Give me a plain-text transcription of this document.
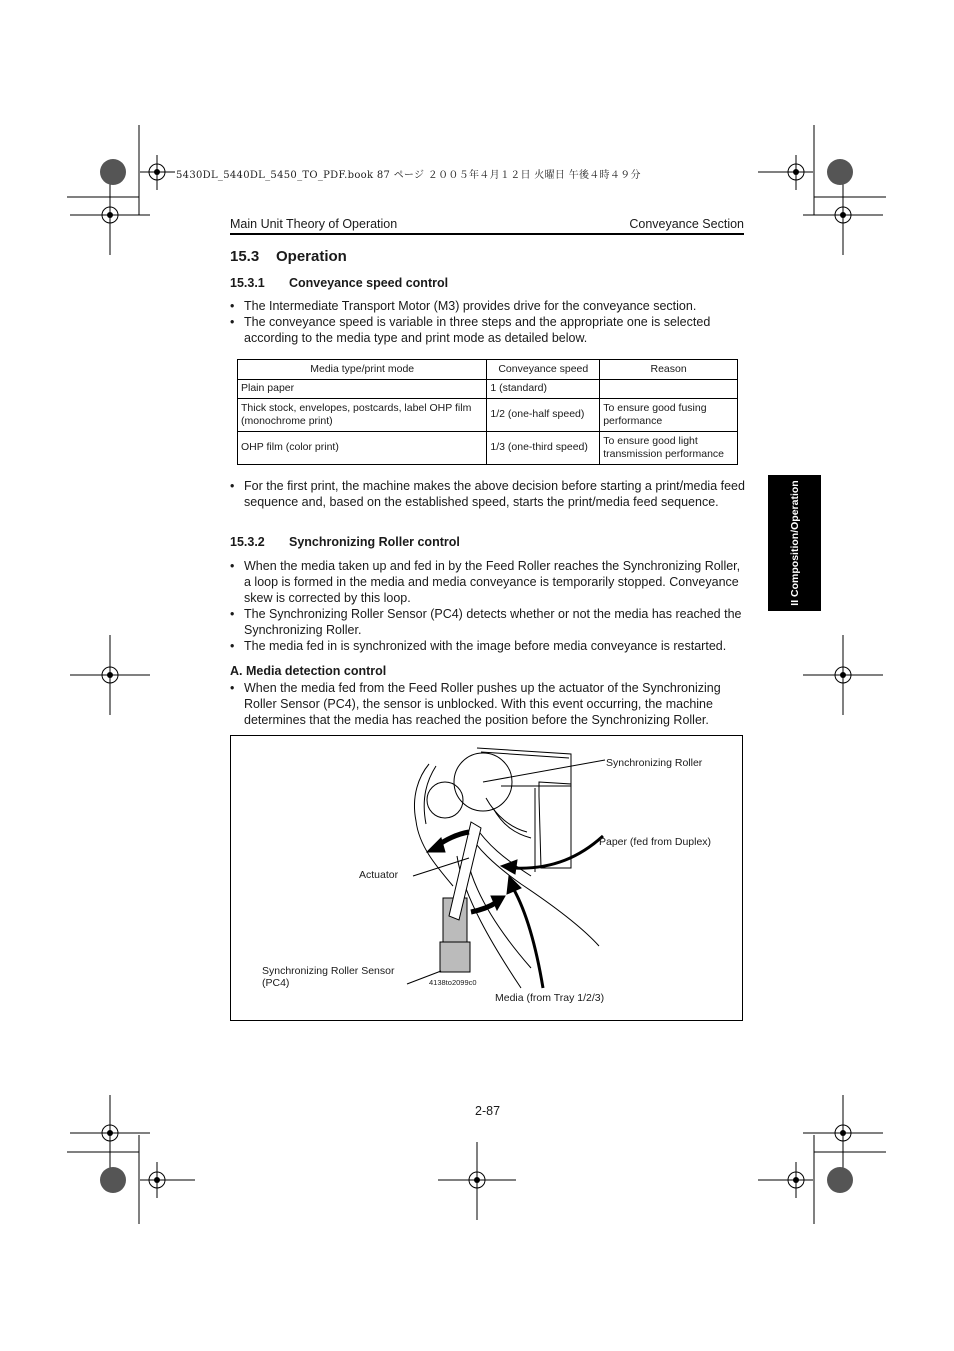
5430DL_5440DL_5450_TO_PDF.book 87 ページ ２００５年４月１２日 火曜日 午後４時４９分
Main Unit Theory of Operation	Conveyance Section
15.3 Operation
15.3.1 Conveyance speed control
• The Intermediate Transport Motor (M3) provides drive for the conveyance section.
• The conveyance speed is variable in three steps and the appropriate one is selected according to the media type and print mode as detailed below.
Media type/print mode	Conveyance speed	Reason
Plain paper	1 (standard)	
Thick stock, envelopes, postcards, label OHP film (monochrome print)	1/2 (one-half speed)	To ensure good fusing performance
OHP film (color print)	1/3 (one-third speed)	To ensure good light transmission performance
• For the first print, the machine makes the above decision before starting a print/media feed sequence and, based on the established speed, starts the print/media feed sequence.
15.3.2 Synchronizing Roller control
• When the media taken up and fed in by the Feed Roller reaches the Synchronizing Roller, a loop is formed in the media and media conveyance is temporarily stopped. Conveyance skew is corrected by this loop.
• The Synchronizing Roller Sensor (PC4) detects whether or not the media has reached the Synchronizing Roller.
• The media fed in is synchronized with the image before media conveyance is restarted.
A. Media detection control
• When the media fed from the Feed Roller pushes up the actuator of the Synchronizing Roller Sensor (PC4), the sensor is unblocked. With this event occurring, the machine determines that the media has reached the position before the Synchronizing Roller.
II Composition/Operation
Synchronizing Roller
Paper (fed from Duplex)
Actuator
Synchronizing Roller Sensor
(PC4)	4138to2099c0
Media (from Tray 1/2/3)
2-87
